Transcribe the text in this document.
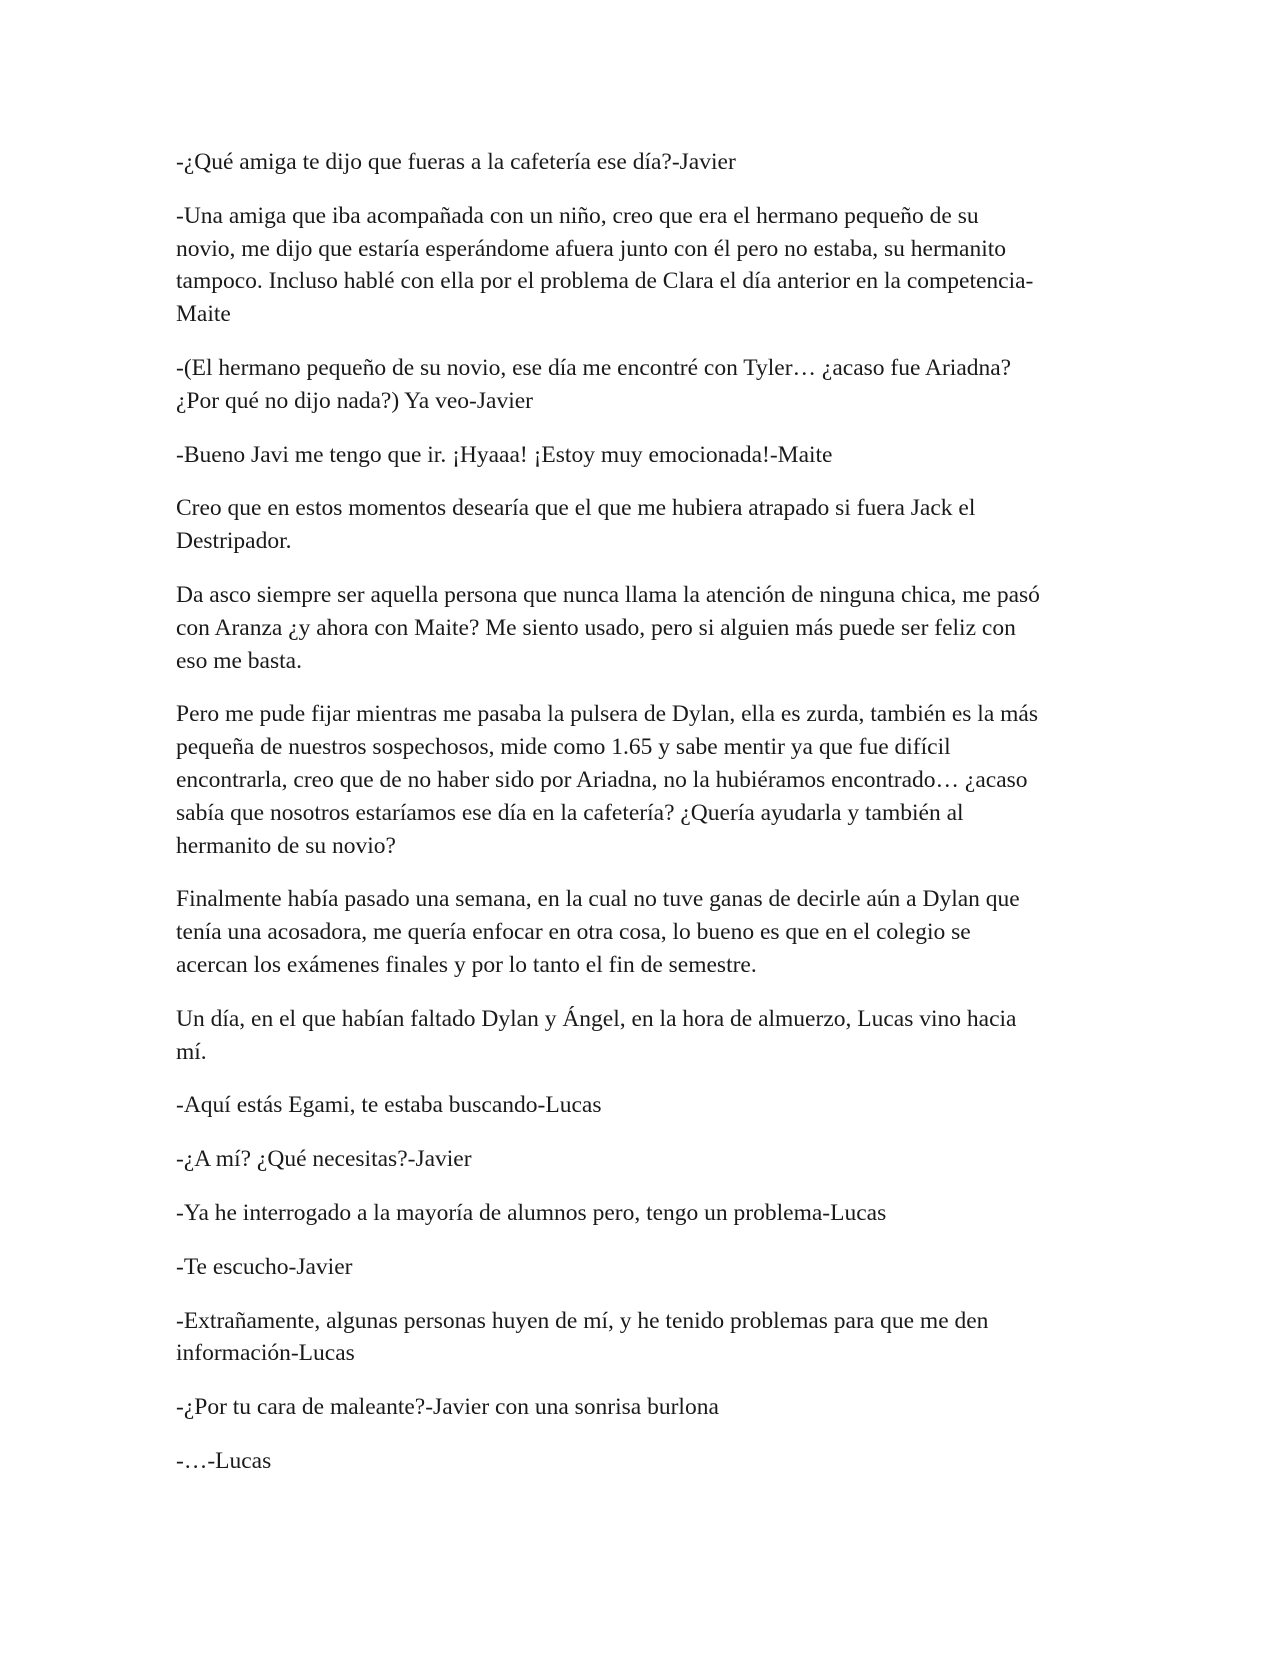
-¿Qué amiga te dijo que fueras a la cafetería ese día?-Javier

-Una amiga que iba acompañada con un niño, creo que era el hermano pequeño de su
novio, me dijo que estaría esperándome afuera junto con él pero no estaba, su hermanito
tampoco. Incluso hablé con ella por el problema de Clara el día anterior en la competencia-
Maite

-(El hermano pequeño de su novio, ese día me encontré con Tyler… ¿acaso fue Ariadna?
¿Por qué no dijo nada?) Ya veo-Javier

-Bueno Javi me tengo que ir. ¡Hyaaa! ¡Estoy muy emocionada!-Maite

Creo que en estos momentos desearía que el que me hubiera atrapado si fuera Jack el
Destripador.

Da asco siempre ser aquella persona que nunca llama la atención de ninguna chica, me pasó
con Aranza ¿y ahora con Maite? Me siento usado, pero si alguien más puede ser feliz con
eso me basta.

Pero me pude fijar mientras me pasaba la pulsera de Dylan, ella es zurda, también es la más
pequeña de nuestros sospechosos, mide como 1.65 y sabe mentir ya que fue difícil
encontrarla, creo que de no haber sido por Ariadna, no la hubiéramos encontrado… ¿acaso
sabía que nosotros estaríamos ese día en la cafetería? ¿Quería ayudarla y también al
hermanito de su novio?

Finalmente había pasado una semana, en la cual no tuve ganas de decirle aún a Dylan que
tenía una acosadora, me quería enfocar en otra cosa, lo bueno es que en el colegio se
acercan los exámenes finales y por lo tanto el fin de semestre.

Un día, en el que habían faltado Dylan y Ángel, en la hora de almuerzo, Lucas vino hacia
mí.

-Aquí estás Egami, te estaba buscando-Lucas

-¿A mí? ¿Qué necesitas?-Javier

-Ya he interrogado a la mayoría de alumnos pero, tengo un problema-Lucas

-Te escucho-Javier

-Extrañamente, algunas personas huyen de mí, y he tenido problemas para que me den
información-Lucas

-¿Por tu cara de maleante?-Javier con una sonrisa burlona

-…-Lucas
